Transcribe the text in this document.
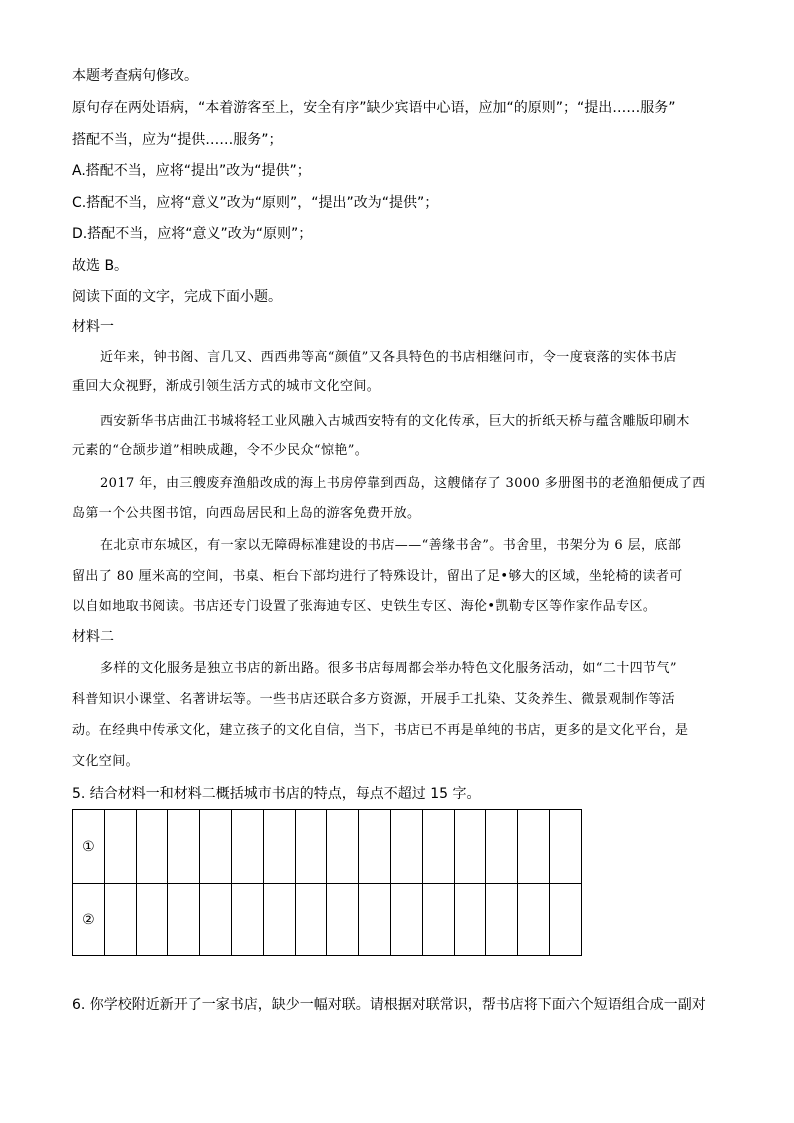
本题考查病句修改。
原句存在两处语病，“本着游客至上，安全有序”缺少宾语中心语，应加“的原则”；“提出……服务”
搭配不当，应为“提供……服务”；
A.搭配不当，应将“提出”改为“提供”；
C.搭配不当，应将“意义”改为“原则”，“提出”改为“提供”；
D.搭配不当，应将“意义”改为“原则”；
故选 B。
阅读下面的文字，完成下面小题。
材料一
近年来，钟书阁、言几又、西西弗等高“颜值”又各具特色的书店相继问市，令一度衰落的实体书店
重回大众视野，渐成引领生活方式的城市文化空间。
西安新华书店曲江书城将轻工业风融入古城西安特有的文化传承，巨大的折纸天桥与蕴含雕版印刷木
元素的“仓颉步道”相映成趣，令不少民众“惊艳”。
2017 年，由三艘废弃渔船改成的海上书房停靠到西岛，这艘储存了 3000 多册图书的老渔船便成了西
岛第一个公共图书馆，向西岛居民和上岛的游客免费开放。
在北京市东城区，有一家以无障碍标准建设的书店——“善缘书舍”。书舍里，书架分为 6 层，底部
留出了 80 厘米高的空间，书桌、柜台下部均进行了特殊设计，留出了足•够大的区域，坐轮椅的读者可
以自如地取书阅读。书店还专门设置了张海迪专区、史铁生专区、海伦•凯勒专区等作家作品专区。
材料二
多样的文化服务是独立书店的新出路。很多书店每周都会举办特色文化服务活动，如“二十四节气”
科普知识小课堂、名著讲坛等。一些书店还联合多方资源，开展手工扎染、艾灸养生、微景观制作等活
动。在经典中传承文化，建立孩子的文化自信，当下，书店已不再是单纯的书店，更多的是文化平台，是
文化空间。
5. 结合材料一和材料二概括城市书店的特点，每点不超过 15 字。
①															
②															
6. 你学校附近新开了一家书店，缺少一幅对联。请根据对联常识，帮书店将下面六个短语组合成一副对
